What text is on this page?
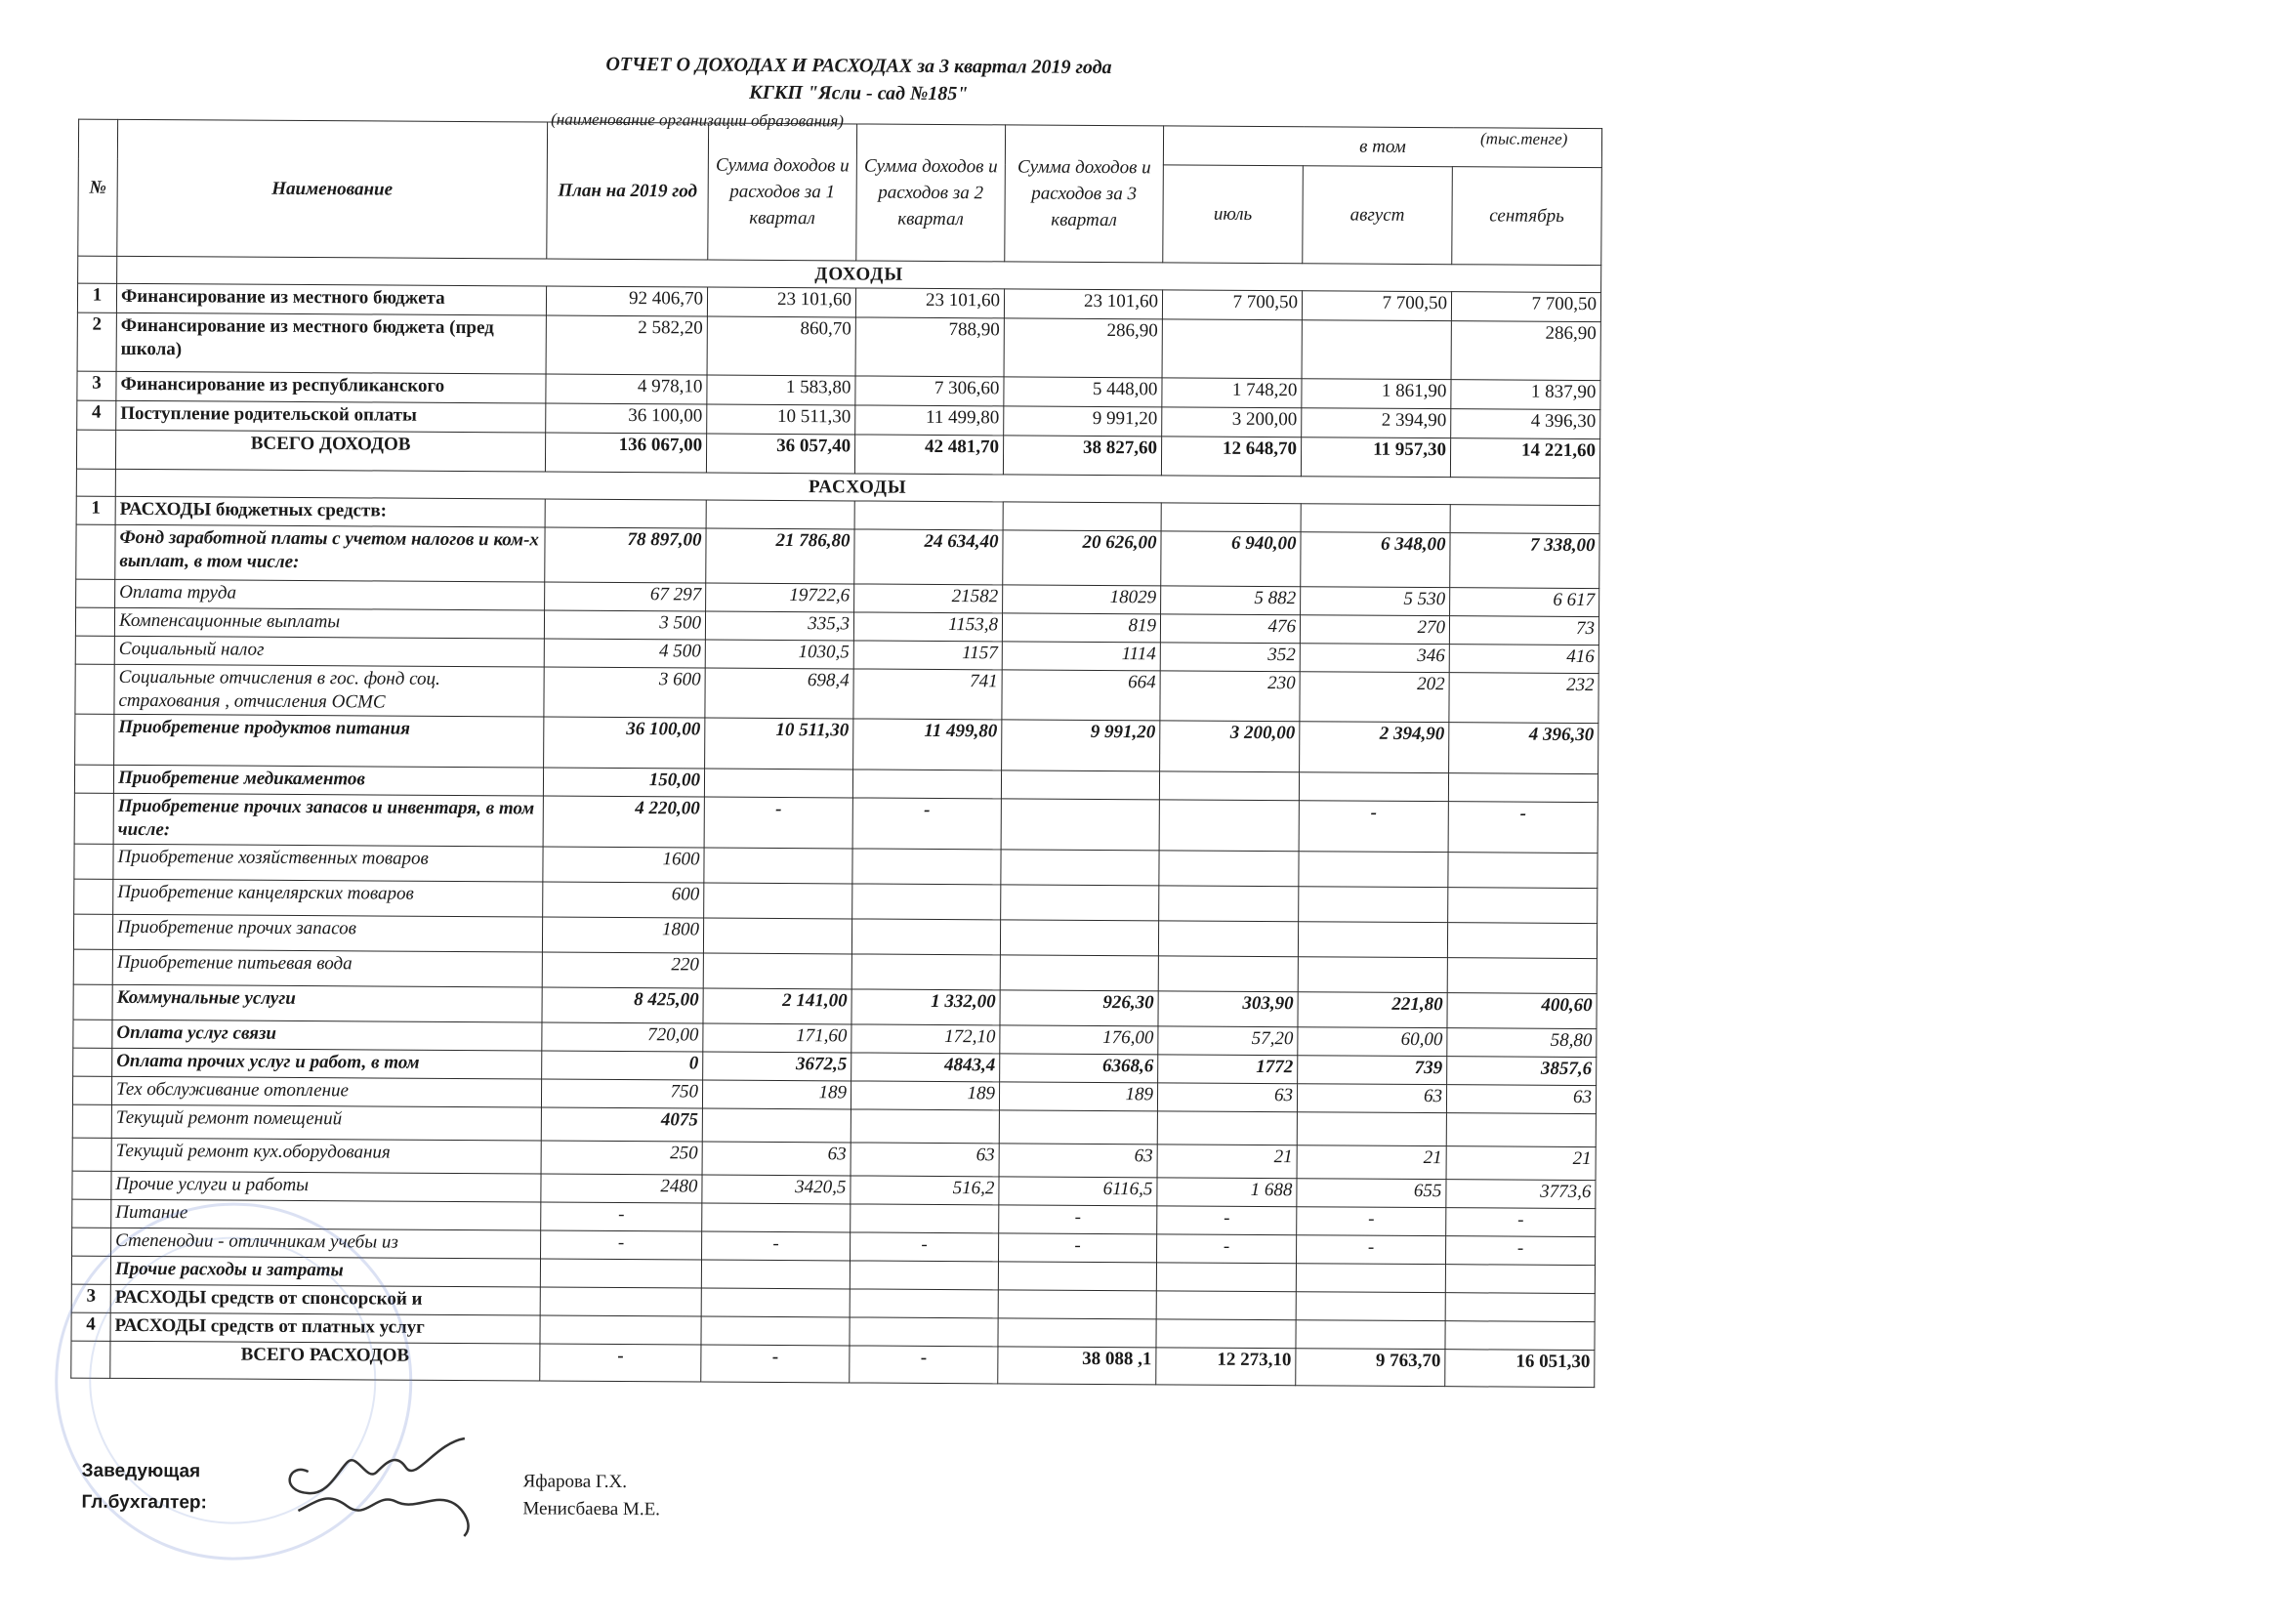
ОТЧЕТ О ДОХОДАХ И РАСХОДАХ за 3 квартал 2019 года
КГКП "Ясли - сад №185"
(наименование организации образования)
(тыс.тенге)
№	Наименование	План на 2019 год	Сумма доходов и расходов за 1 квартал	Сумма доходов и расходов за 2 квартал	Сумма доходов и расходов за 3 квартал	в том		
						июль	август	сентябрь
	ДОХОДЫ							
1	Финансирование из местного бюджета	92 406,70	23 101,60	23 101,60	23 101,60	7 700,50	7 700,50	7 700,50
2	Финансирование из местного бюджета (пред школа)	2 582,20	860,70	788,90	286,90			286,90
3	Финансирование из республиканского	4 978,10	1 583,80	7 306,60	5 448,00	1 748,20	1 861,90	1 837,90
4	Поступление родительской оплаты	36 100,00	10 511,30	11 499,80	9 991,20	3 200,00	2 394,90	4 396,30
	ВСЕГО ДОХОДОВ	136 067,00	36 057,40	42 481,70	38 827,60	12 648,70	11 957,30	14 221,60
	РАСХОДЫ							
1	РАСХОДЫ бюджетных средств:							
	Фонд заработной платы с учетом налогов и ком-х выплат, в том числе:	78 897,00	21 786,80	24 634,40	20 626,00	6 940,00	6 348,00	7 338,00
	Оплата труда	67 297	19722,6	21582	18029	5 882	5 530	6 617
	Компенсационные выплаты	3 500	335,3	1153,8	819	476	270	73
	Социальный налог	4 500	1030,5	1157	1114	352	346	416
	Социальные отчисления в гос. фонд соц. страхования , отчисления ОСМС	3 600	698,4	741	664	230	202	232
	Приобретение продуктов питания	36 100,00	10 511,30	11 499,80	9 991,20	3 200,00	2 394,90	4 396,30
	Приобретение медикаментов	150,00						
	Приобретение прочих запасов и инвентаря, в том числе:	4 220,00	-	-			-	-
	Приобретение хозяйственных товаров	1600						
	Приобретение канцелярских товаров	600						
	Приобретение прочих запасов	1800						
	Приобретение питьевая вода	220						
	Коммунальные услуги	8 425,00	2 141,00	1 332,00	926,30	303,90	221,80	400,60
	Оплата услуг связи	720,00	171,60	172,10	176,00	57,20	60,00	58,80
	Оплата прочих услуг и работ, в том	0	3672,5	4843,4	6368,6	1772	739	3857,6
	Тех обслуживание отопление	750	189	189	189	63	63	63
	Текущий ремонт помещений	4075						
	Текущий ремонт кух.оборудования	250	63	63	63	21	21	21
	Прочие услуги и работы	2480	3420,5	516,2	6116,5	1 688	655	3773,6
	Питание	-			-	-	-	-
	Степенодии - отличникам учебы из	-	-	-	-	-	-	-
	Прочие расходы и затраты							
3	РАСХОДЫ средств от спонсорской и							
4	РАСХОДЫ средств от платных услуг							
	ВСЕГО РАСХОДОВ	-	-	-	38 088 ,1	12 273,10	9 763,70	16 051,30
Заведующая
Гл.бухгалтер:
Яфарова Г.Х.
Менисбаева М.Е.
